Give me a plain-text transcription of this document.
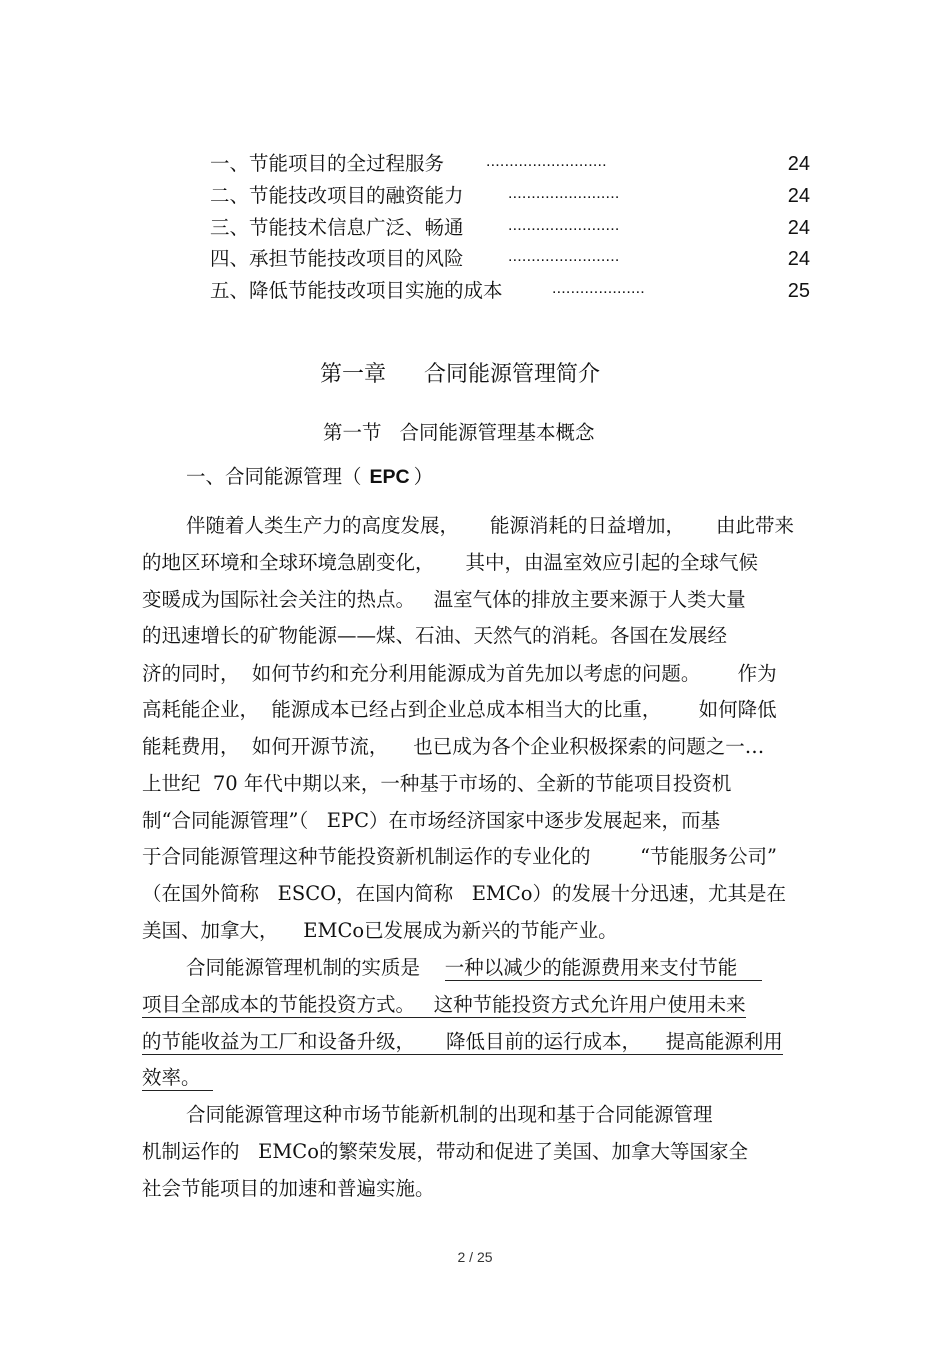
一、节能项目的全过程服务	..........................	24
二、节能技改项目的融资能力	........................	24
三、节能技术信息广泛、畅通	........................	24
四、承担节能技改项目的风险	........................	24
五、降低节能技改项目实施的成本	....................	25
第一章 合同能源管理简介
第一节 合同能源管理基本概念
一、合同能源管理（ EPC ）
伴随着人类生产力的高度发展，     能源消耗的日益增加，     由此带来
的地区环境和全球环境急剧变化，     其中，由温室效应引起的全球气候
变暖成为国际社会关注的热点。   温室气体的排放主要来源于人类大量
的迅速增长的矿物能源——煤、石油、天然气的消耗。各国在发展经
济的同时，  如何节约和充分利用能源成为首先加以考虑的问题。      作为
高耗能企业，  能源成本已经占到企业总成本相当大的比重，      如何降低
能耗费用，  如何开源节流，    也已成为各个企业积极探索的问题之一…
上世纪  70 年代中期以来，一种基于市场的、全新的节能项目投资机
制“合同能源管理”（   EPC）在市场经济国家中逐步发展起来，而基
于合同能源管理这种节能投资新机制运作的专业化的        “节能服务公司”
（在国外简称   ESCO，在国内简称   EMCo）的发展十分迅速，尤其是在
美国、加拿大，    EMCo已发展成为新兴的节能产业。
合同能源管理机制的实质是    一种以减少的能源费用来支付节能
项目全部成本的节能投资方式。   这种节能投资方式允许用户使用未来
的节能收益为工厂和设备升级，     降低目前的运行成本，    提高能源利用
效率。
合同能源管理这种市场节能新机制的出现和基于合同能源管理
机制运作的   EMCo的繁荣发展，带动和促进了美国、加拿大等国家全
社会节能项目的加速和普遍实施。
2 / 25
